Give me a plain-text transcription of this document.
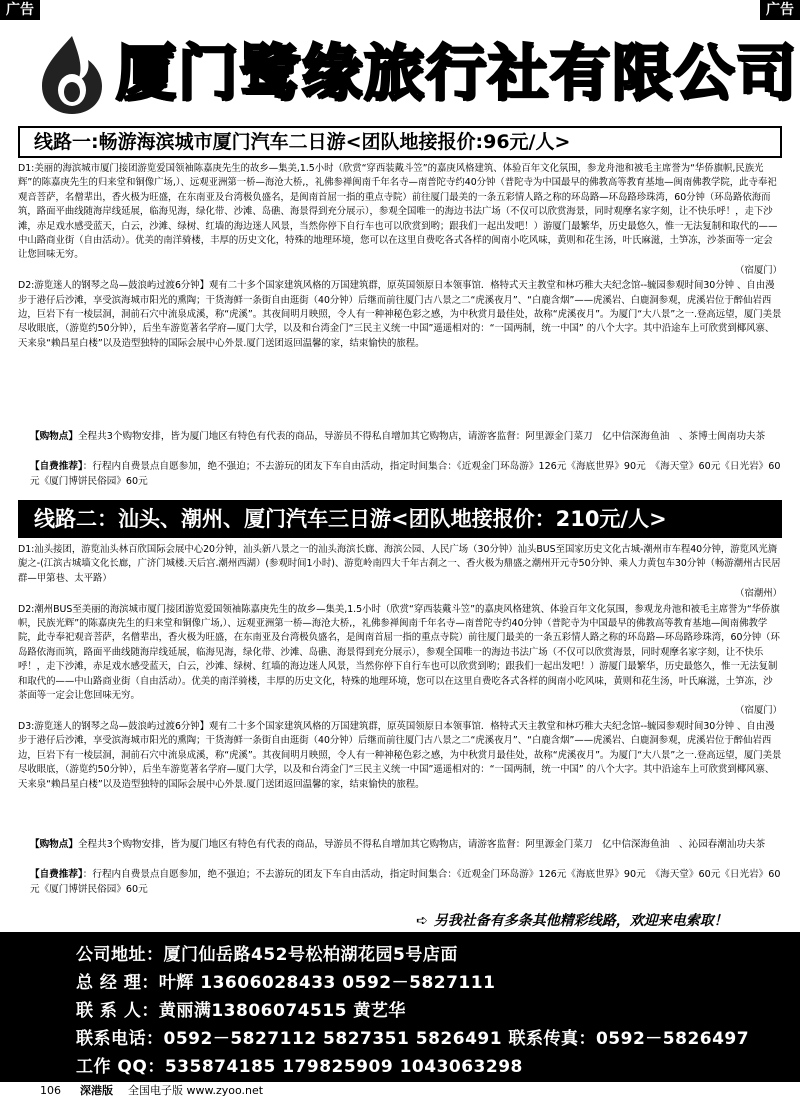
广告	广告
厦门鹭缘旅行社有限公司
线路一:畅游海滨城市厦门汽车二日游<团队地接报价:96元/人>

D1:美丽的海滨城市厦门接团游览爱国领袖陈嘉庚先生的故乡—集美,1.5小时（欣赏“穿西装戴斗笠”的嘉庚风格建筑、体验百年文化氛围，参龙舟池和被毛主席誉为“华侨旗帜,民族光辉”的陈嘉庚先生的归来堂和铜像广场,）、远观亚洲第一桥—海沧大桥,，礼佛参禅闽南千年名寺—南普陀寺约40分钟（普陀寺为中国最早的佛教高等教育基地—闽南佛教学院，此寺奉祀观音菩萨，名僧辈出，香火极为旺盛，在东南亚及台湾极负盛名，是闽南首屈一指的重点寺院）前往厦门最美的一条五彩情人路之称的环岛路—环岛路珍珠湾，60分钟（环岛路依海而筑，路面平曲线随海岸线延展，临海见海，绿化带、沙滩、岛礁、海景得到充分展示），参观全国唯一的海边书法广场（不仅可以欣赏海景，同时观摩名家字刻，让不快乐呼！，走下沙滩，赤足戏水感受蓝天，白云，沙滩、绿树、红墙的海边迷人风景，当然你停下自行车也可以欣赏到哟；跟我们一起出发吧！）游厦门最繁华，历史最悠久，惟一无法复制和取代的——中山路商业街（自由活动）。优美的南洋骑楼，丰厚的历史文化，特殊的地理环境，您可以在这里自费吃各式各样的闽南小吃风味，黄则和花生汤，叶氏麻滋，土笋冻，沙茶面等一定会让您回味无穷。

（宿厦门）

D2:游览迷人的钢琴之岛—鼓浪屿过渡6分钟】观有二十多个国家建筑风格的万国建筑群，原英国领原日本领事馆．格特式天主教堂和林巧稚大夫纪念馆--毓园参观时间30分钟 、自由漫步于港仔后沙滩，享受滨海城市阳光的熏陶；干货海鲜一条街自由逛街（40分钟）后继而前往厦门古八景之二“虎溪夜月”、“白鹿含烟”——虎溪岩、白鹿洞参观，虎溪岩位于醉仙岩西边，巨岩下有一棱层洞，洞前石穴中流泉成溪，称“虎溪”。其夜间明月映照，令人有一种神秘色彩之感，为中秋赏月最佳处，故称“虎溪夜月”。为厦门“大八景”之一.登高远望，厦门美景尽收眼底，（游览约50分钟），后坐车游览著名学府—厦门大学，以及和台湾金门“三民主义统一中国”遥遥相对的：“一国两制，统一中国” 的八个大字。其中沿途车上可欣赏到椰风寨、天来泉“赖昌星白楼”以及造型独特的国际会展中心外景.厦门送团返回温馨的家，结束愉快的旅程。

【购物点】全程共3个购物安排，皆为厦门地区有特色有代表的商品，导游员不得私自增加其它购物店，请游客监督：阿里源金门菜刀　亿中信深海鱼油　、茶博士闽南功夫茶
【自费推荐】：行程内自费景点自愿参加，绝不强迫；不去游玩的团友下车自由活动，指定时间集合：《近观金门环岛游》126元《海底世界》90元　《海天堂》60元《日光岩》60元《厦门博饼民俗园》60元
线路二：汕头、潮州、厦门汽车三日游<团队地接报价：210元/人>

D1:汕头接团，游览汕头林百欣国际会展中心20分钟，汕头新八景之一的汕头海滨长廊、海滨公园、人民广场（30分钟）汕头BUS至国家历史文化古城-潮州市车程40分钟，游览风光旖旎之-(江滨古城墙文化长廊，广济门城楼.天后宫.潮州西湖）(参观时间1小时)、游览岭南四大千年古刹之一、香火极为鼎盛之潮州开元寺50分钟、乘人力黄包车30分钟（畅游潮州古民居群—甲第巷、太平路）

（宿潮州）

D2:潮州BUS至美丽的海滨城市厦门接团游览爱国领袖陈嘉庚先生的故乡—集美,1.5小时（欣赏“穿西装戴斗笠”的嘉庚风格建筑、体验百年文化氛围，参观龙舟池和被毛主席誉为“华侨旗帜，民族光辉”的陈嘉庚先生的归来堂和铜像广场,）、远观亚洲第一桥—海沧大桥,，礼佛参禅闽南千年名寺—南普陀寺约40分钟（普陀寺为中国最早的佛教高等教育基地—闽南佛教学院，此寺奉祀观音菩萨，名僧辈出，香火极为旺盛，在东南亚及台湾极负盛名，是闽南首屈一指的重点寺院）前往厦门最美的一条五彩情人路之称的环岛路—环岛路珍珠湾，60分钟（环岛路依海而筑，路面平曲线随海岸线延展，临海见海，绿化带、沙滩、岛礁、海景得到充分展示），参观全国唯一的海边书法广场（不仅可以欣赏海景，同时观摩名家字刻，让不快乐呼！，走下沙滩，赤足戏水感受蓝天，白云，沙滩、绿树、红墙的海边迷人风景，当然你停下自行车也可以欣赏到哟；跟我们一起出发吧！）游厦门最繁华，历史最悠久，惟一无法复制和取代的——中山路商业街（自由活动）。优美的南洋骑楼，丰厚的历史文化，特殊的地理环境，您可以在这里自费吃各式各样的闽南小吃风味，黄则和花生汤，叶氏麻滋，土笋冻，沙茶面等一定会让您回味无穷。

（宿厦门）

D3:游览迷人的钢琴之岛—鼓浪屿过渡6分钟】观有二十多个国家建筑风格的万国建筑群，原英国领原日本领事馆．格特式天主教堂和林巧稚大夫纪念馆--毓园参观时间30分钟 、自由漫步于港仔后沙滩，享受滨海城市阳光的熏陶；干货海鲜一条街自由逛街（40分钟）后继而前往厦门古八景之二“虎溪夜月”、“白鹿含烟”——虎溪岩、白鹿洞参观，虎溪岩位于醉仙岩西边，巨岩下有一棱层洞，洞前石穴中流泉成溪，称“虎溪”。其夜间明月映照，令人有一种神秘色彩之感，为中秋赏月最佳处，故称“虎溪夜月”。为厦门“大八景”之一.登高远望，厦门美景尽收眼底，（游览约50分钟），后坐车游览著名学府—厦门大学，以及和台湾金门“三民主义统一中国”遥遥相对的：“一国两制，统一中国” 的八个大字。其中沿途车上可欣赏到椰风寨、天来泉“赖昌星白楼”以及造型独特的国际会展中心外景.厦门送团返回温馨的家，结束愉快的旅程。

【购物点】全程共3个购物安排，皆为厦门地区有特色有代表的商品，导游员不得私自增加其它购物店，请游客监督：阿里源金门菜刀　亿中信深海鱼油　、沁园春潮汕功夫茶
【自费推荐】：行程内自费景点自愿参加，绝不强迫；不去游玩的团友下车自由活动，指定时间集合：《近观金门环岛游》126元《海底世界》90元　《海天堂》60元《日光岩》60元《厦门博饼民俗园》60元
➪ 另我社备有多条其他精彩线路，欢迎来电索取！
公司地址：厦门仙岳路452号松柏湖花园5号店面
总 经 理：叶辉 13606028433 0592－5827111
联 系 人：黄丽满13806074515 黄艺华
联系电话：0592－5827112 5827351 5826491 联系传真：0592－5826497
工作 QQ：535874185 179825909 1043063298
106 深港版 全国电子版 www.zyoo.net
